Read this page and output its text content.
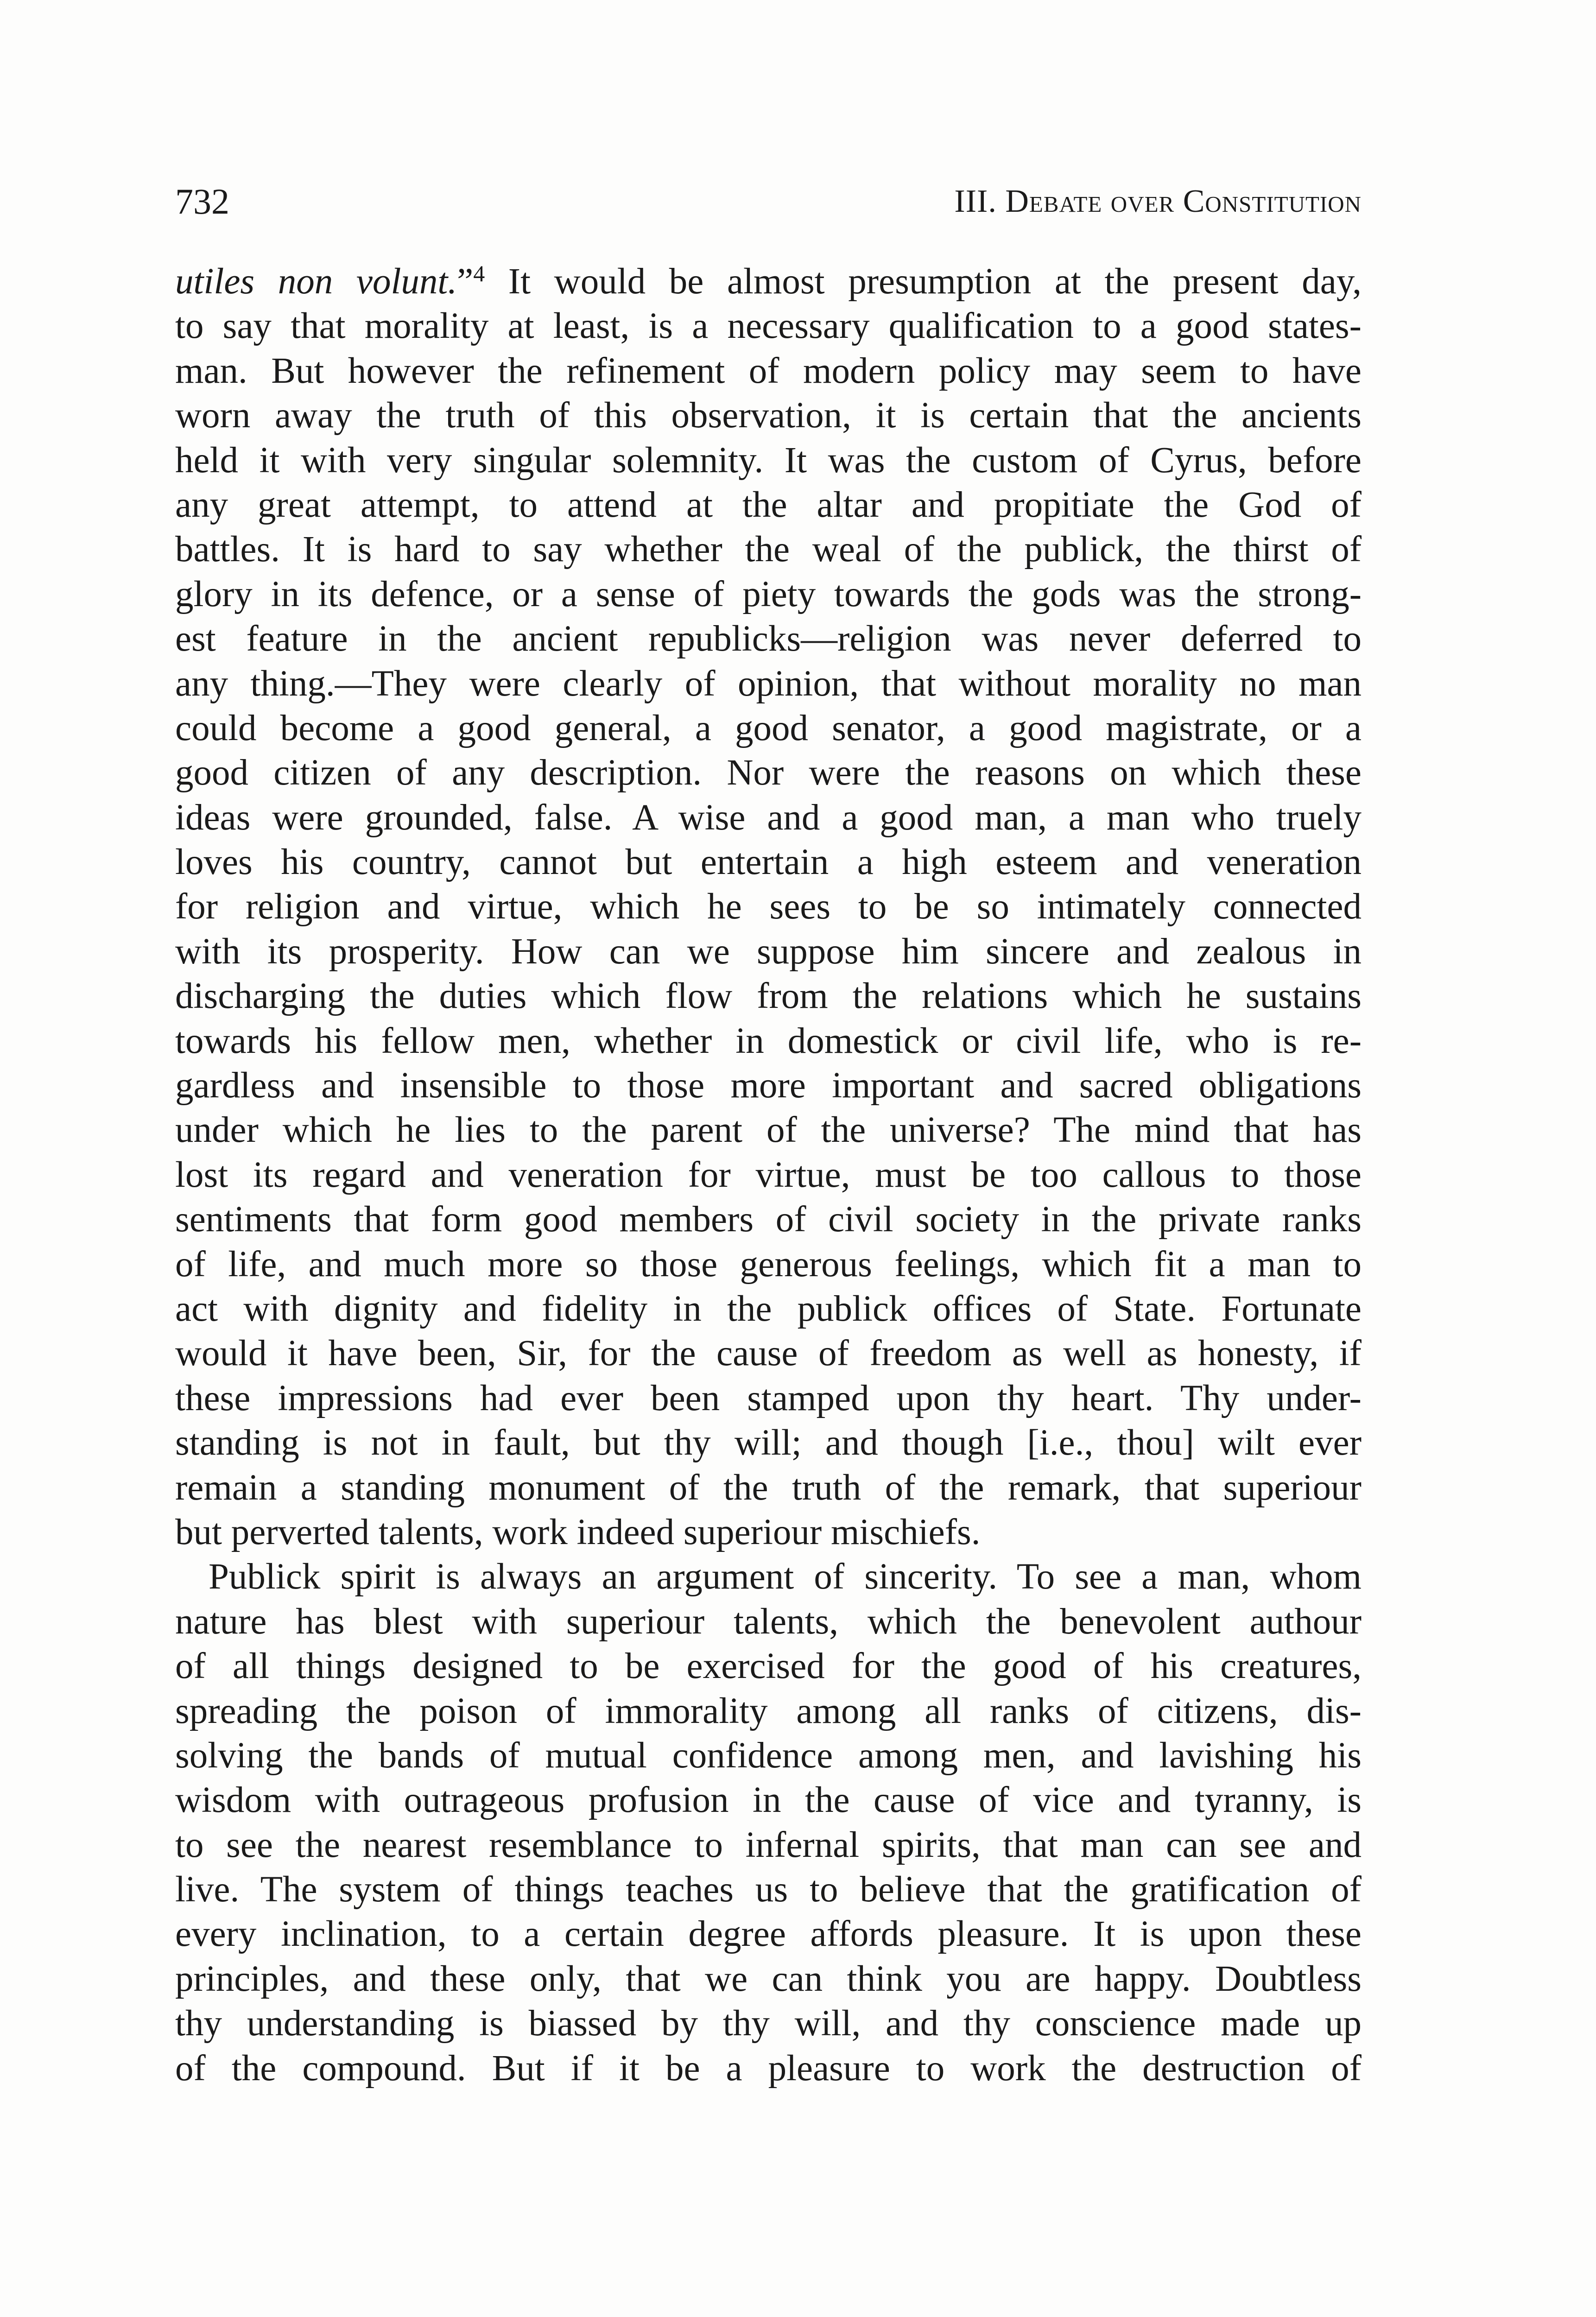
732	III. Debate over Constitution
utiles non volunt.”$^4$ It would be almost presumption at the present day,
to say that morality at least, is a necessary qualification to a good states-
man. But however the refinement of modern policy may seem to have
worn away the truth of this observation, it is certain that the ancients
held it with very singular solemnity. It was the custom of Cyrus, before
any great attempt, to attend at the altar and propitiate the God of
battles. It is hard to say whether the weal of the publick, the thirst of
glory in its defence, or a sense of piety towards the gods was the strong-
est feature in the ancient republicks—religion was never deferred to
any thing.—They were clearly of opinion, that without morality no man
could become a good general, a good senator, a good magistrate, or a
good citizen of any description. Nor were the reasons on which these
ideas were grounded, false. A wise and a good man, a man who truely
loves his country, cannot but entertain a high esteem and veneration
for religion and virtue, which he sees to be so intimately connected
with its prosperity. How can we suppose him sincere and zealous in
discharging the duties which flow from the relations which he sustains
towards his fellow men, whether in domestick or civil life, who is re-
gardless and insensible to those more important and sacred obligations
under which he lies to the parent of the universe? The mind that has
lost its regard and veneration for virtue, must be too callous to those
sentiments that form good members of civil society in the private ranks
of life, and much more so those generous feelings, which fit a man to
act with dignity and fidelity in the publick offices of State. Fortunate
would it have been, Sir, for the cause of freedom as well as honesty, if
these impressions had ever been stamped upon thy heart. Thy under-
standing is not in fault, but thy will; and though [i.e., thou] wilt ever
remain a standing monument of the truth of the remark, that superiour
but perverted talents, work indeed superiour mischiefs.
Publick spirit is always an argument of sincerity. To see a man, whom
nature has blest with superiour talents, which the benevolent authour
of all things designed to be exercised for the good of his creatures,
spreading the poison of immorality among all ranks of citizens, dis-
solving the bands of mutual confidence among men, and lavishing his
wisdom with outrageous profusion in the cause of vice and tyranny, is
to see the nearest resemblance to infernal spirits, that man can see and
live. The system of things teaches us to believe that the gratification of
every inclination, to a certain degree affords pleasure. It is upon these
principles, and these only, that we can think you are happy. Doubtless
thy understanding is biassed by thy will, and thy conscience made up
of the compound. But if it be a pleasure to work the destruction of
